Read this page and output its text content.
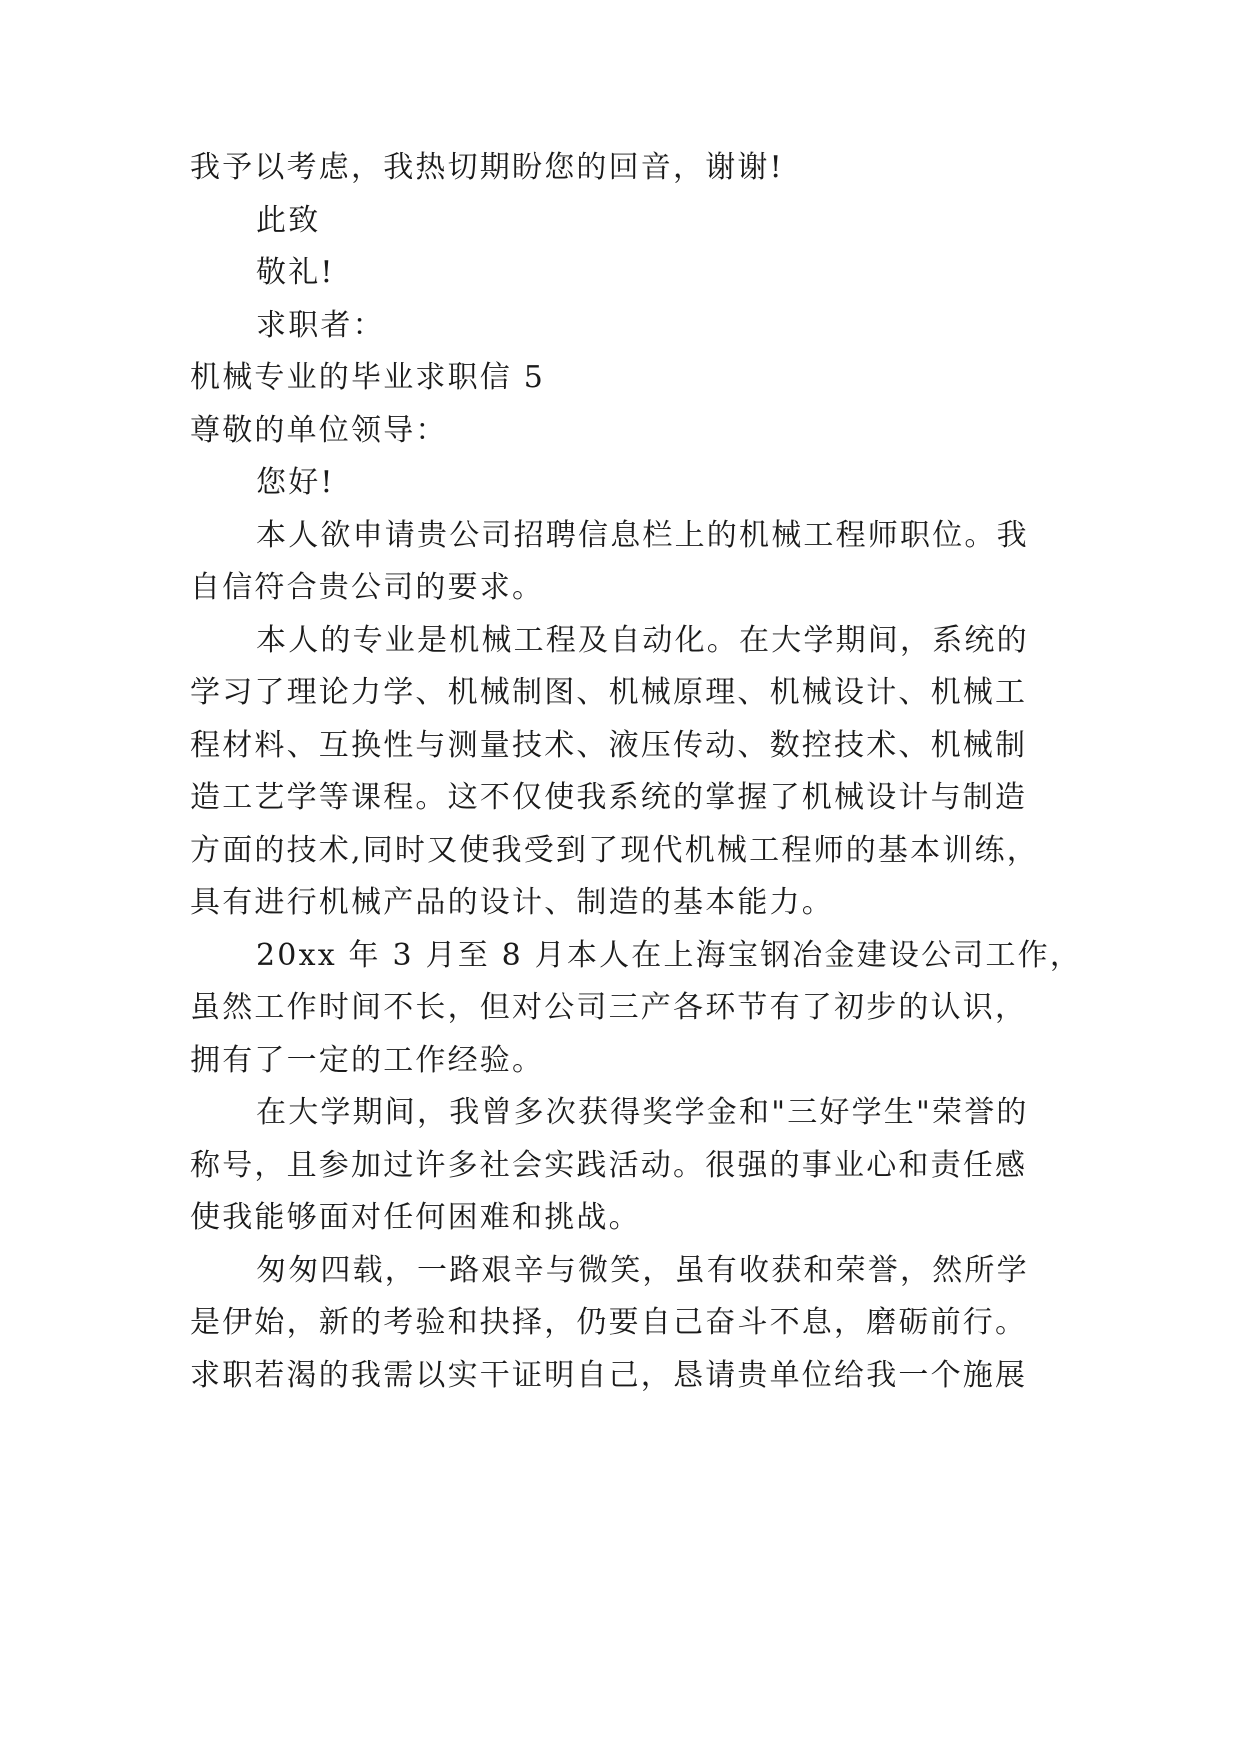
我予以考虑，我热切期盼您的回音，谢谢!
此致
敬礼!
求职者：
机械专业的毕业求职信 5
尊敬的单位领导：
您好!
本人欲申请贵公司招聘信息栏上的机械工程师职位。我
自信符合贵公司的要求。
本人的专业是机械工程及自动化。在大学期间，系统的
学习了理论力学、机械制图、机械原理、机械设计、机械工
程材料、互换性与测量技术、液压传动、数控技术、机械制
造工艺学等课程。这不仅使我系统的掌握了机械设计与制造
方面的技术,同时又使我受到了现代机械工程师的基本训练，
具有进行机械产品的设计、制造的基本能力。
20xx 年 3 月至 8 月本人在上海宝钢冶金建设公司工作，
虽然工作时间不长，但对公司三产各环节有了初步的认识，
拥有了一定的工作经验。
在大学期间，我曾多次获得奖学金和"三好学生"荣誉的
称号，且参加过许多社会实践活动。很强的事业心和责任感
使我能够面对任何困难和挑战。
匆匆四载，一路艰辛与微笑，虽有收获和荣誉，然所学
是伊始，新的考验和抉择，仍要自己奋斗不息，磨砺前行。
求职若渴的我需以实干证明自己，恳请贵单位给我一个施展
